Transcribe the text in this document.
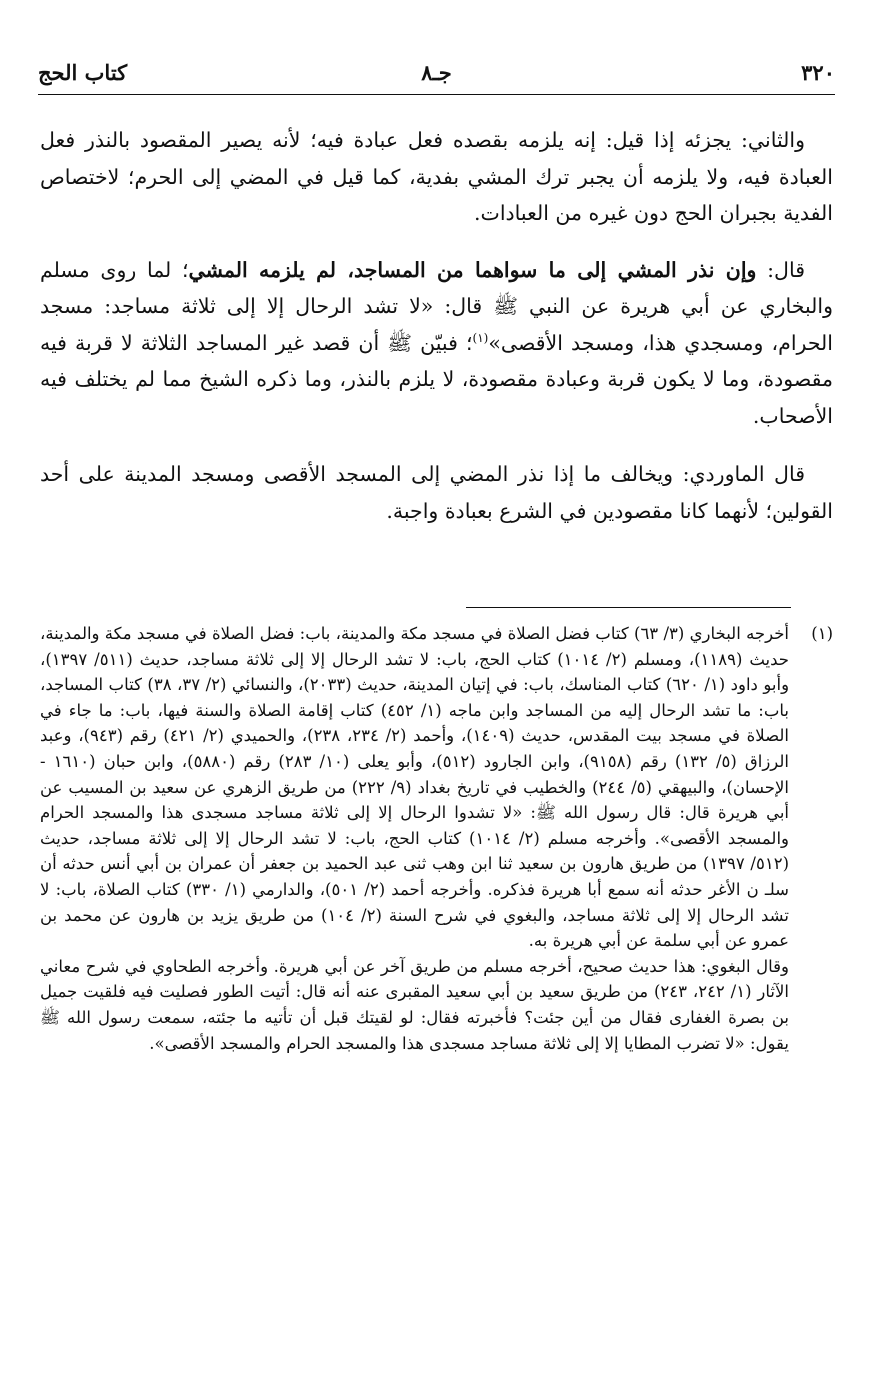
٣٢٠
جـ٨
كتاب الحج

والثاني: يجزئه إذا قيل: إنه يلزمه بقصده فعل عبادة فيه؛ لأنه يصير المقصود بالنذر فعل العبادة فيه، ولا يلزمه أن يجبر ترك المشي بفدية، كما قيل في المضي إلى الحرم؛ لاختصاص الفدية بجبران الحج دون غيره من العبادات.

قال: وإن نذر المشي إلى ما سواهما من المساجد، لم يلزمه المشي؛ لما روى مسلم والبخاري عن أبي هريرة عن النبي ﷺ قال: «لا تشد الرحال إلا إلى ثلاثة مساجد: مسجد الحرام، ومسجدي هذا، ومسجد الأقصى»$^{(١)}$؛ فبيّن ﷺ أن قصد غير المساجد الثلاثة لا قربة فيه مقصودة، وما لا يكون قربة وعبادة مقصودة، لا يلزم بالنذر، وما ذكره الشيخ مما لم يختلف فيه الأصحاب.

قال الماوردي: ويخالف ما إذا نذر المضي إلى المسجد الأقصى ومسجد المدينة على أحد القولين؛ لأنهما كانا مقصودين في الشرع بعبادة واجبة.

(١)

أخرجه البخاري (٣/ ٦٣) كتاب فضل الصلاة في مسجد مكة والمدينة، باب: فضل الصلاة في مسجد مكة والمدينة، حديث (١١٨٩)، ومسلم (٢/ ١٠١٤) كتاب الحج، باب: لا تشد الرحال إلا إلى ثلاثة مساجد، حديث (٥١١/ ١٣٩٧)، وأبو داود (١/ ٦٢٠) كتاب المناسك، باب: في إتيان المدينة، حديث (٢٠٣٣)، والنسائي (٢/ ٣٧، ٣٨) كتاب المساجد، باب: ما تشد الرحال إليه من المساجد وابن ماجه (١/ ٤٥٢) كتاب إقامة الصلاة والسنة فيها، باب: ما جاء في الصلاة في مسجد بيت المقدس، حديث (١٤٠٩)، وأحمد (٢/ ٢٣٤، ٢٣٨)، والحميدي (٢/ ٤٢١) رقم (٩٤٣)، وعبد الرزاق (٥/ ١٣٢) رقم (٩١٥٨)، وابن الجارود (٥١٢)، وأبو يعلى (١٠/ ٢٨٣) رقم (٥٨٨٠)، وابن حبان (١٦١٠ - الإحسان)، والبيهقي (٥/ ٢٤٤) والخطيب في تاريخ بغداد (٩/ ٢٢٢) من طريق الزهري عن سعيد بن المسيب عن أبي هريرة قال: قال رسول الله ﷺ: «لا تشدوا الرحال إلا إلى ثلاثة مساجد مسجدى هذا والمسجد الحرام والمسجد الأقصى». وأخرجه مسلم (٢/ ١٠١٤) كتاب الحج، باب: لا تشد الرحال إلا إلى ثلاثة مساجد، حديث (٥١٢/ ١٣٩٧) من طريق هارون بن سعيد ثنا ابن وهب ثنى عبد الحميد بن جعفر أن عمران بن أبي أنس حدثه أن سلـ ن الأغر حدثه أنه سمع أبا هريرة فذكره. وأخرجه أحمد (٢/ ٥٠١)، والدارمي (١/ ٣٣٠) كتاب الصلاة، باب: لا تشد الرحال إلا إلى ثلاثة مساجد، والبغوي في شرح السنة (٢/ ١٠٤) من طريق يزيد بن هارون عن محمد بن عمرو عن أبي سلمة عن أبي هريرة به.

وقال البغوي: هذا حديث صحيح، أخرجه مسلم من طريق آخر عن أبي هريرة. وأخرجه الطحاوي في شرح معاني الآثار (١/ ٢٤٢، ٢٤٣) من طريق سعيد بن أبي سعيد المقبرى عنه أنه قال: أتيت الطور فصليت فيه فلقيت جميل بن بصرة الغفارى فقال من أين جئت؟ فأخبرته فقال: لو لقيتك قبل أن تأتيه ما جئته، سمعت رسول الله ﷺ يقول: «لا تضرب المطايا إلا إلى ثلاثة مساجد مسجدى هذا والمسجد الحرام والمسجد الأقصى».
